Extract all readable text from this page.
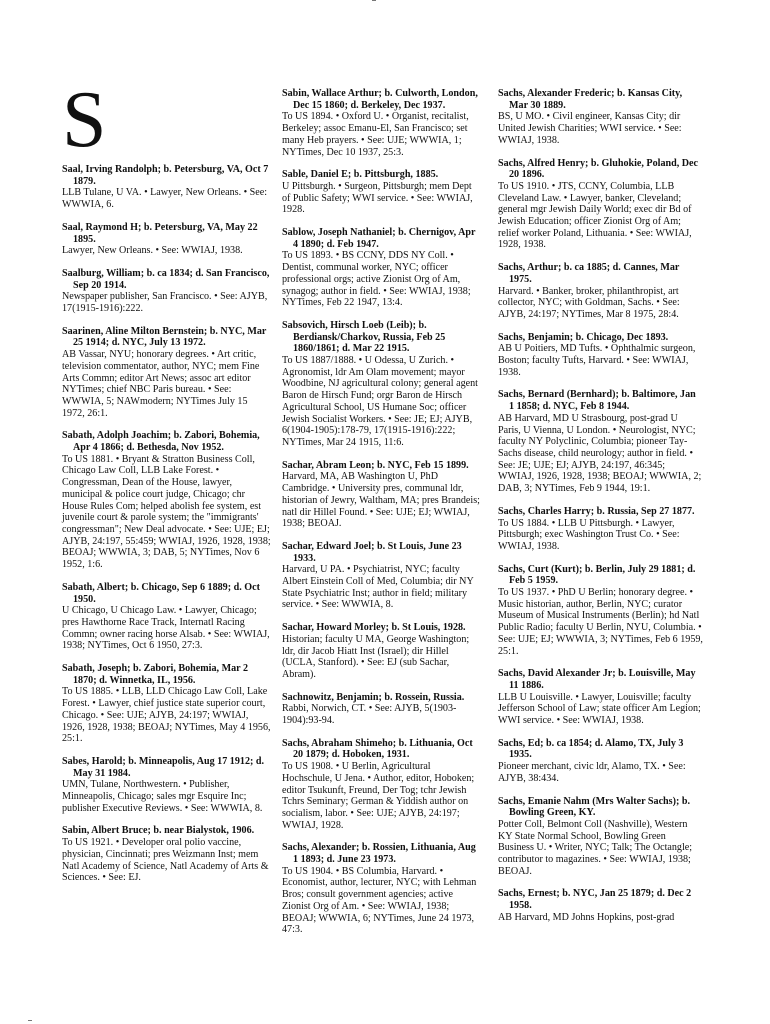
S
Saal, Irving Randolph; b. Petersburg, VA, Oct 7 1879.
LLB Tulane, U VA. • Lawyer, New Orleans. • See: WWWIA, 6.
Saal, Raymond H; b. Petersburg, VA, May 22 1895.
Lawyer, New Orleans. • See: WWIAJ, 1938.
Saalburg, William; b. ca 1834; d. San Francisco, Sep 20 1914.
Newspaper publisher, San Francisco. • See: AJYB, 17(1915-1916):222.
Saarinen, Aline Milton Bernstein; b. NYC, Mar 25 1914; d. NYC, July 13 1972.
AB Vassar, NYU; honorary degrees. • Art critic, television commentator, author, NYC; mem Fine Arts Commn; editor Art News; assoc art editor NYTimes; chief NBC Paris bureau. • See: WWWIA, 5; NAWmodern; NYTimes July 15 1972, 26:1.
Sabath, Adolph Joachim; b. Zabori, Bohemia, Apr 4 1866; d. Bethesda, Nov 1952.
To US 1881. • Bryant & Stratton Business Coll, Chicago Law Coll, LLB Lake Forest. • Congressman, Dean of the House, lawyer, municipal & police court judge, Chicago; chr House Rules Com; helped abolish fee system, est juvenile court & parole system; the "immigrants' congressman"; New Deal advocate. • See: UJE; EJ; AJYB, 24:197, 55:459; WWIAJ, 1926, 1928, 1938; BEOAJ; WWWIA, 3; DAB, 5; NYTimes, Nov 6 1952, 1:6.
Sabath, Albert; b. Chicago, Sep 6 1889; d. Oct 1950.
U Chicago, U Chicago Law. • Lawyer, Chicago; pres Hawthorne Race Track, Internatl Racing Commn; owner racing horse Alsab. • See: WWIAJ, 1938; NYTimes, Oct 6 1950, 27:3.
Sabath, Joseph; b. Zabori, Bohemia, Mar 2 1870; d. Winnetka, IL, 1956.
To US 1885. • LLB, LLD Chicago Law Coll, Lake Forest. • Lawyer, chief justice state superior court, Chicago. • See: UJE; AJYB, 24:197; WWIAJ, 1926, 1928, 1938; BEOAJ; NYTimes, May 4 1956, 25:1.
Sabes, Harold; b. Minneapolis, Aug 17 1912; d. May 31 1984.
UMN, Tulane, Northwestern. • Publisher, Minneapolis, Chicago; sales mgr Esquire Inc; publisher Executive Reviews. • See: WWWIA, 8.
Sabin, Albert Bruce; b. near Bialystok, 1906.
To US 1921. • Developer oral polio vaccine, physician, Cincinnati; pres Weizmann Inst; mem Natl Academy of Science, Natl Academy of Arts & Sciences. • See: EJ.
Sabin, Wallace Arthur; b. Culworth, London, Dec 15 1860; d. Berkeley, Dec 1937.
To US 1894. • Oxford U. • Organist, recitalist, Berkeley; assoc Emanu-El, San Francisco; set many Heb prayers. • See: UJE; WWWIA, 1; NYTimes, Dec 10 1937, 25:3.
Sable, Daniel E; b. Pittsburgh, 1885.
U Pittsburgh. • Surgeon, Pittsburgh; mem Dept of Public Safety; WWI service. • See: WWIAJ, 1928.
Sablow, Joseph Nathaniel; b. Chernigov, Apr 4 1890; d. Feb 1947.
To US 1893. • BS CCNY, DDS NY Coll. • Dentist, communal worker, NYC; officer professional orgs; active Zionist Org of Am, synagog; author in field. • See: WWIAJ, 1938; NYTimes, Feb 22 1947, 13:4.
Sabsovich, Hirsch Loeb (Leib); b. Berdiansk/Charkov, Russia, Feb 25 1860/1861; d. Mar 22 1915.
To US 1887/1888. • U Odessa, U Zurich. • Agronomist, ldr Am Olam movement; mayor Woodbine, NJ agricultural colony; general agent Baron de Hirsch Fund; orgr Baron de Hirsch Agricultural School, US Humane Soc; officer Jewish Socialist Workers. • See: JE; EJ; AJYB, 6(1904-1905):178-79, 17(1915-1916):222; NYTimes, Mar 24 1915, 11:6.
Sachar, Abram Leon; b. NYC, Feb 15 1899.
Harvard, MA, AB Washington U, PhD Cambridge. • University pres, communal ldr, historian of Jewry, Waltham, MA; pres Brandeis; natl dir Hillel Found. • See: UJE; EJ; WWIAJ, 1938; BEOAJ.
Sachar, Edward Joel; b. St Louis, June 23 1933.
Harvard, U PA. • Psychiatrist, NYC; faculty Albert Einstein Coll of Med, Columbia; dir NY State Psychiatric Inst; author in field; military service. • See: WWWIA, 8.
Sachar, Howard Morley; b. St Louis, 1928.
Historian; faculty U MA, George Washington; ldr, dir Jacob Hiatt Inst (Israel); dir Hillel (UCLA, Stanford). • See: EJ (sub Sachar, Abram).
Sachnowitz, Benjamin; b. Rossein, Russia.
Rabbi, Norwich, CT. • See: AJYB, 5(1903-1904):93-94.
Sachs, Abraham Shimeho; b. Lithuania, Oct 20 1879; d. Hoboken, 1931.
To US 1908. • U Berlin, Agricultural Hochschule, U Jena. • Author, editor, Hoboken; editor Tsukunft, Freund, Der Tog; tchr Jewish Tchrs Seminary; German & Yiddish author on socialism, labor. • See: UJE; AJYB, 24:197; WWIAJ, 1928.
Sachs, Alexander; b. Rossien, Lithuania, Aug 1 1893; d. June 23 1973.
To US 1904. • BS Columbia, Harvard. • Economist, author, lecturer, NYC; with Lehman Bros; consult government agencies; active Zionist Org of Am. • See: WWIAJ, 1938; BEOAJ; WWWIA, 6; NYTimes, June 24 1973, 47:3.
Sachs, Alexander Frederic; b. Kansas City, Mar 30 1889.
BS, U MO. • Civil engineer, Kansas City; dir United Jewish Charities; WWI service. • See: WWIAJ, 1938.
Sachs, Alfred Henry; b. Gluhokie, Poland, Dec 20 1896.
To US 1910. • JTS, CCNY, Columbia, LLB Cleveland Law. • Lawyer, banker, Cleveland; general mgr Jewish Daily World; exec dir Bd of Jewish Education; officer Zionist Org of Am; relief worker Poland, Lithuania. • See: WWIAJ, 1928, 1938.
Sachs, Arthur; b. ca 1885; d. Cannes, Mar 1975.
Harvard. • Banker, broker, philanthropist, art collector, NYC; with Goldman, Sachs. • See: AJYB, 24:197; NYTimes, Mar 8 1975, 28:4.
Sachs, Benjamin; b. Chicago, Dec 1893.
AB U Poitiers, MD Tufts. • Ophthalmic surgeon, Boston; faculty Tufts, Harvard. • See: WWIAJ, 1938.
Sachs, Bernard (Bernhard); b. Baltimore, Jan 1 1858; d. NYC, Feb 8 1944.
AB Harvard, MD U Strasbourg, post-grad U Paris, U Vienna, U London. • Neurologist, NYC; faculty NY Polyclinic, Columbia; pioneer Tay-Sachs disease, child neurology; author in field. • See: JE; UJE; EJ; AJYB, 24:197, 46:345; WWIAJ, 1926, 1928, 1938; BEOAJ; WWWIA, 2; DAB, 3; NYTimes, Feb 9 1944, 19:1.
Sachs, Charles Harry; b. Russia, Sep 27 1877.
To US 1884. • LLB U Pittsburgh. • Lawyer, Pittsburgh; exec Washington Trust Co. • See: WWIAJ, 1938.
Sachs, Curt (Kurt); b. Berlin, July 29 1881; d. Feb 5 1959.
To US 1937. • PhD U Berlin; honorary degree. • Music historian, author, Berlin, NYC; curator Museum of Musical Instruments (Berlin); hd Natl Public Radio; faculty U Berlin, NYU, Columbia. • See: UJE; EJ; WWWIA, 3; NYTimes, Feb 6 1959, 25:1.
Sachs, David Alexander Jr; b. Louisville, May 11 1886.
LLB U Louisville. • Lawyer, Louisville; faculty Jefferson School of Law; state officer Am Legion; WWI service. • See: WWIAJ, 1938.
Sachs, Ed; b. ca 1854; d. Alamo, TX, July 3 1935.
Pioneer merchant, civic ldr, Alamo, TX. • See: AJYB, 38:434.
Sachs, Emanie Nahm (Mrs Walter Sachs); b. Bowling Green, KY.
Potter Coll, Belmont Coll (Nashville), Western KY State Normal School, Bowling Green Business U. • Writer, NYC; Talk; The Octangle; contributor to magazines. • See: WWIAJ, 1938; BEOAJ.
Sachs, Ernest; b. NYC, Jan 25 1879; d. Dec 2 1958.
AB Harvard, MD Johns Hopkins, post-grad
